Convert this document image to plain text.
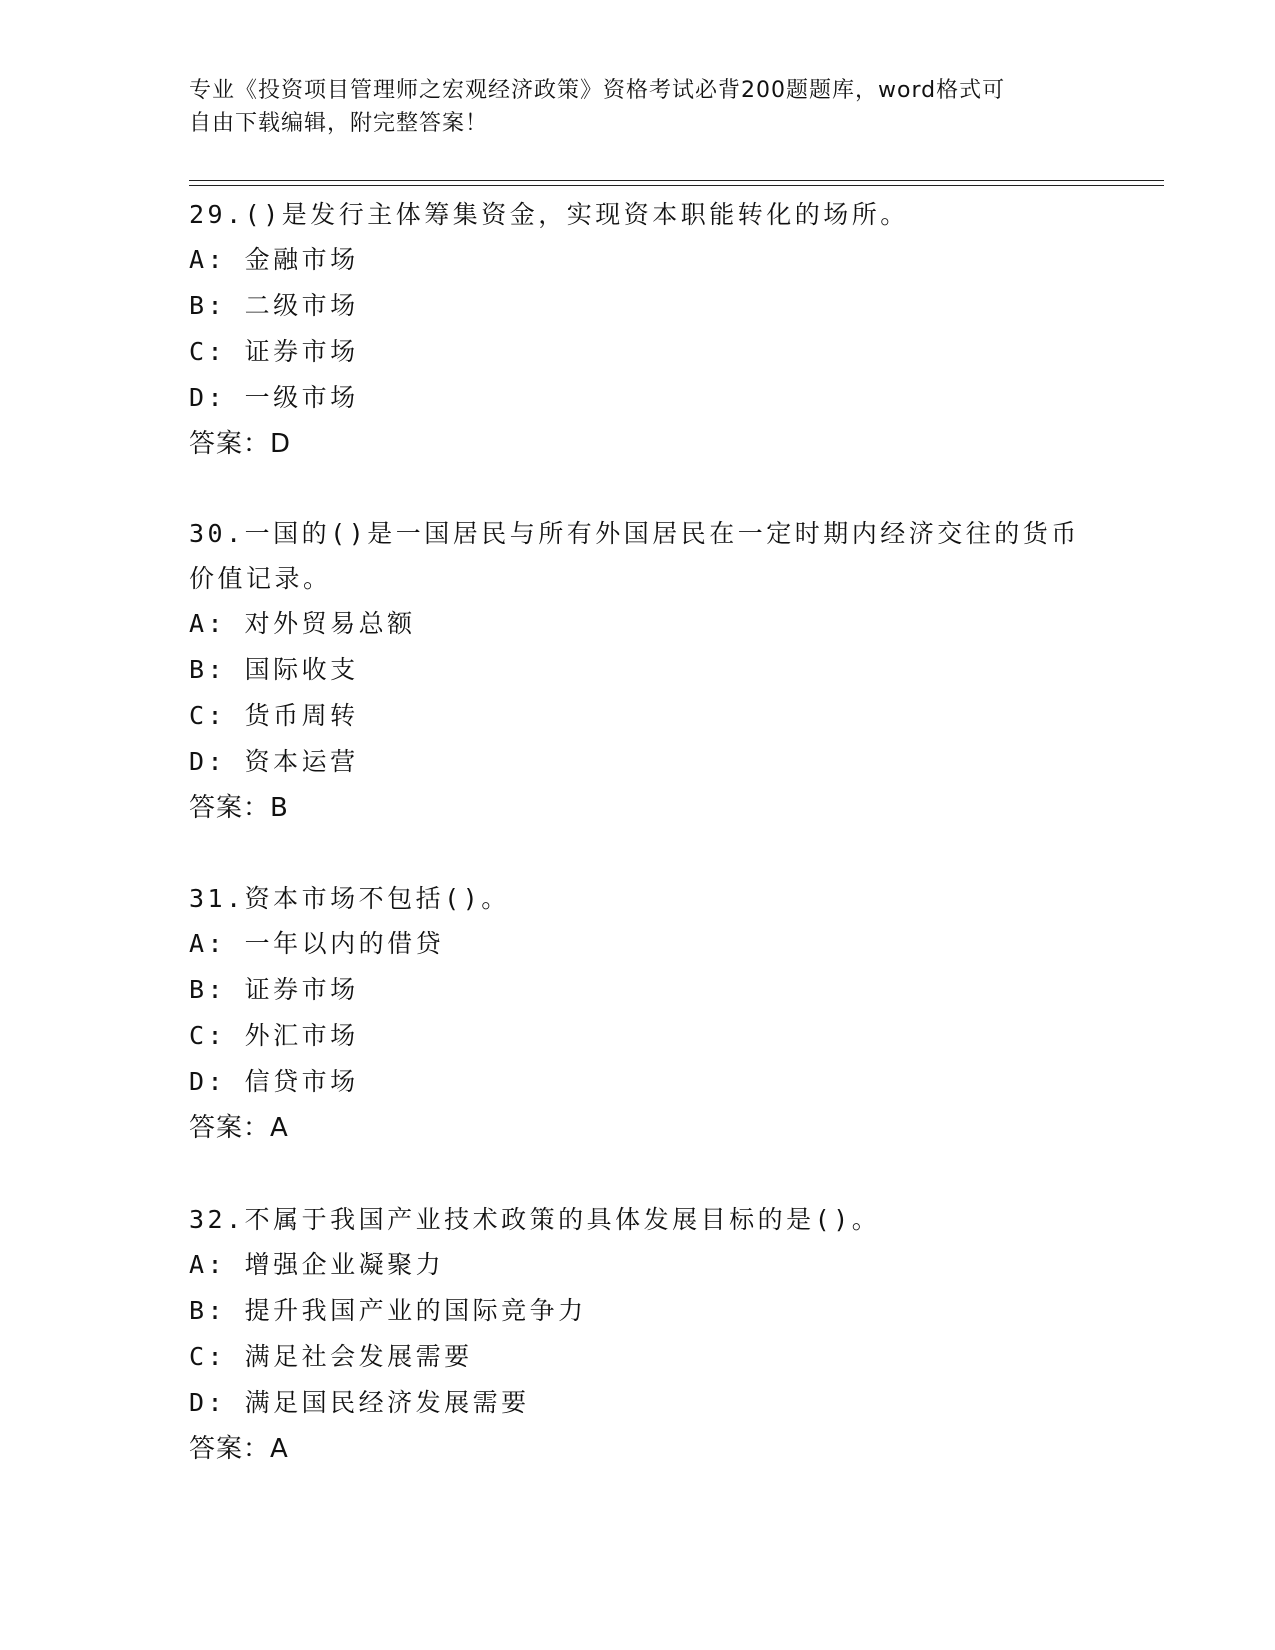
专业《投资项目管理师之宏观经济政策》资格考试必背200题题库，word格式可
自由下载编辑，附完整答案！
29.()是发行主体筹集资金，实现资本职能转化的场所。
A: 金融市场
B: 二级市场
C: 证券市场
D: 一级市场
答案：D
30.一国的()是一国居民与所有外国居民在一定时期内经济交往的货币
价值记录。
A: 对外贸易总额
B: 国际收支
C: 货币周转
D: 资本运营
答案：B
31.资本市场不包括()。
A: 一年以内的借贷
B: 证券市场
C: 外汇市场
D: 信贷市场
答案：A
32.不属于我国产业技术政策的具体发展目标的是()。
A: 增强企业凝聚力
B: 提升我国产业的国际竞争力
C: 满足社会发展需要
D: 满足国民经济发展需要
答案：A
